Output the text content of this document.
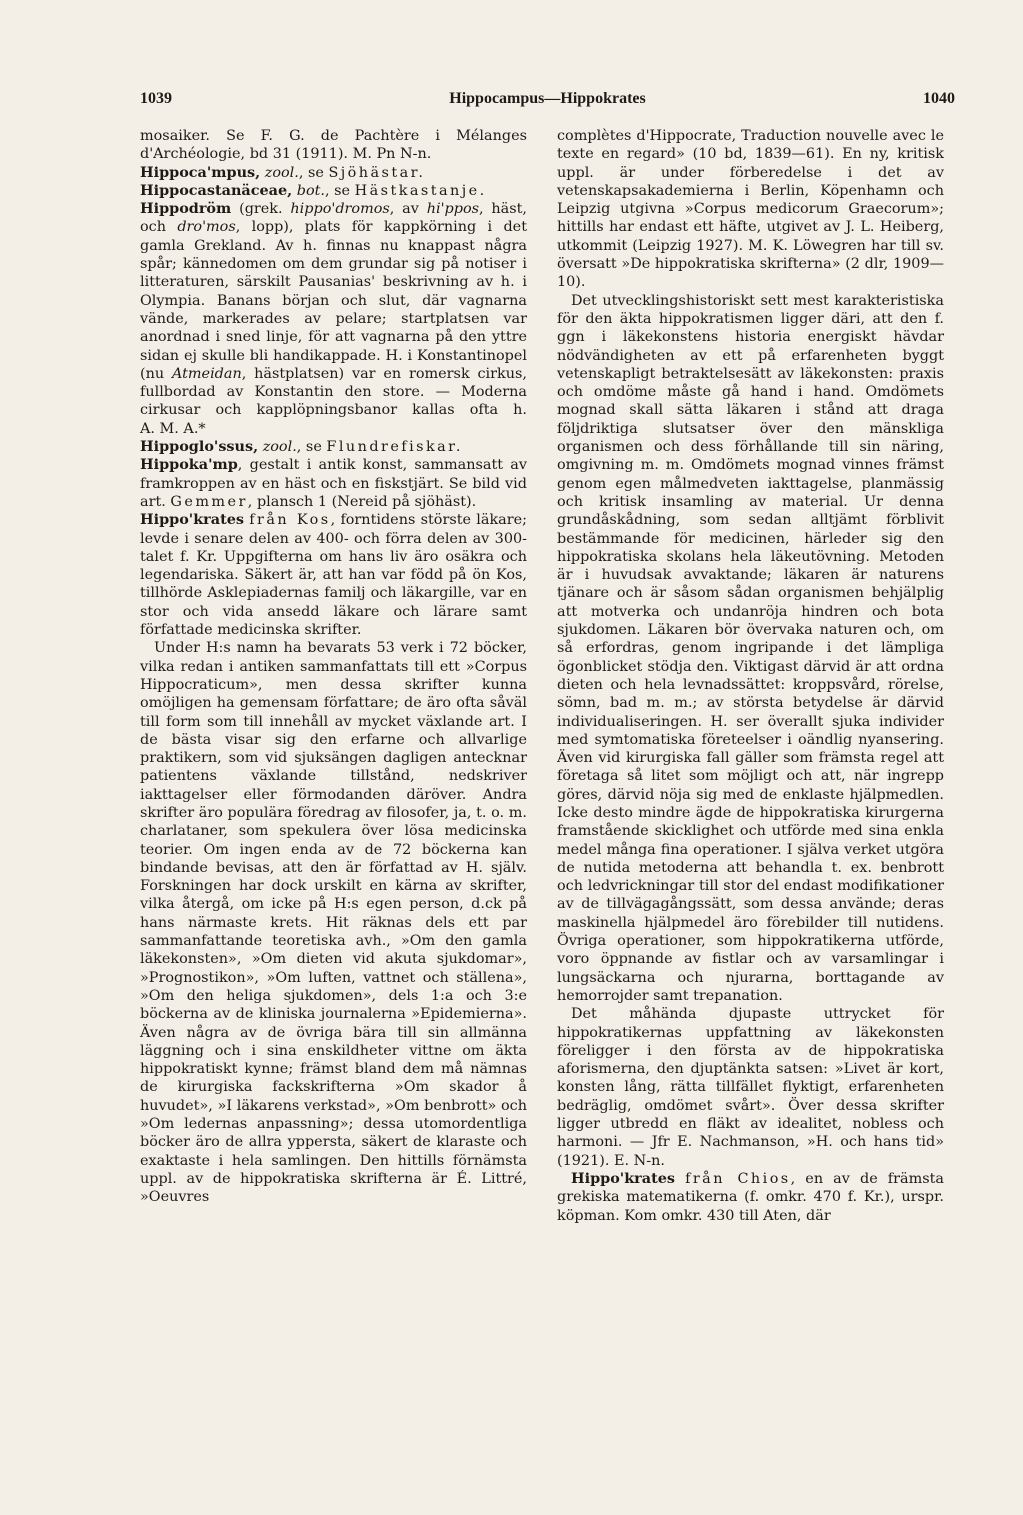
1039	Hippocampus—Hippokrates	1040

mosaiker. Se F. G. de Pachtère i Mélanges d'Archéologie, bd 31 (1911). M. Pn N-n.

Hippoca'mpus, zool., se Sjöhästar.

Hippocastanäceae, bot., se Hästkastanje.

Hippodröm (grek. hippo'dromos, av hi'ppos, häst, och dro'mos, lopp), plats för kappkörning i det gamla Grekland. Av h. finnas nu knappast några spår; kännedomen om dem grundar sig på notiser i litteraturen, särskilt Pausanias' beskrivning av h. i Olympia. Banans början och slut, där vagnarna vände, markerades av pelare; startplatsen var anordnad i sned linje, för att vagnarna på den yttre sidan ej skulle bli handikappade. H. i Konstantinopel (nu Atmeidan, hästplatsen) var en romersk cirkus, fullbordad av Konstantin den store. — Moderna cirkusar och kapplöpningsbanor kallas ofta h. A. M. A.*

Hippoglo'ssus, zool., se Flundrefiskar.

Hippoka'mp, gestalt i antik konst, sammansatt av framkroppen av en häst och en fiskstjärt. Se bild vid art. Gemmer, plansch 1 (Nereid på sjöhäst).

Hippo'krates från Kos, forntidens störste läkare; levde i senare delen av 400- och förra delen av 300-talet f. Kr. Uppgifterna om hans liv äro osäkra och legendariska. Säkert är, att han var född på ön Kos, tillhörde Asklepiadernas familj och läkargille, var en stor och vida ansedd läkare och lärare samt författade medicinska skrifter.

Under H:s namn ha bevarats 53 verk i 72 böcker, vilka redan i antiken sammanfattats till ett »Corpus Hippocraticum», men dessa skrifter kunna omöjligen ha gemensam författare; de äro ofta såväl till form som till innehåll av mycket växlande art. I de bästa visar sig den erfarne och allvarlige praktikern, som vid sjuksängen dagligen antecknar patientens växlande tillstånd, nedskriver iakttagelser eller förmodanden däröver. Andra skrifter äro populära föredrag av filosofer, ja, t. o. m. charlataner, som spekulera över lösa medicinska teorier. Om ingen enda av de 72 böckerna kan bindande bevisas, att den är författad av H. själv. Forskningen har dock urskilt en kärna av skrifter, vilka återgå, om icke på H:s egen person, d.ck på hans närmaste krets. Hit räknas dels ett par sammanfattande teoretiska avh., »Om den gamla läkekonsten», »Om dieten vid akuta sjukdomar», »Prognostikon», »Om luften, vattnet och ställena», »Om den heliga sjukdomen», dels 1:a och 3:e böckerna av de kliniska journalerna »Epidemierna». Även några av de övriga bära till sin allmänna läggning och i sina enskildheter vittne om äkta hippokratiskt kynne; främst bland dem må nämnas de kirurgiska fackskrifterna »Om skador å huvudet», »I läkarens verkstad», »Om benbrott» och »Om ledernas anpassning»; dessa utomordentliga böcker äro de allra yppersta, säkert de klaraste och exaktaste i hela samlingen. Den hittills förnämsta uppl. av de hippokratiska skrifterna är É. Littré, »Oeuvres

complètes d'Hippocrate, Traduction nouvelle avec le texte en regard» (10 bd, 1839—61). En ny, kritisk uppl. är under förberedelse i det av vetenskapsakademierna i Berlin, Köpenhamn och Leipzig utgivna »Corpus medicorum Graecorum»; hittills har endast ett häfte, utgivet av J. L. Heiberg, utkommit (Leipzig 1927). M. K. Löwegren har till sv. översatt »De hippokratiska skrifterna» (2 dlr, 1909—10).

Det utvecklingshistoriskt sett mest karakteristiska för den äkta hippokratismen ligger däri, att den f. ggn i läkekonstens historia energiskt hävdar nödvändigheten av ett på erfarenheten byggt vetenskapligt betraktelsesätt av läkekonsten: praxis och omdöme måste gå hand i hand. Omdömets mognad skall sätta läkaren i stånd att draga följdriktiga slutsatser över den mänskliga organismen och dess förhållande till sin näring, omgivning m. m. Omdömets mognad vinnes främst genom egen målmedveten iakttagelse, planmässig och kritisk insamling av material. Ur denna grundåskådning, som sedan alltjämt förblivit bestämmande för medicinen, härleder sig den hippokratiska skolans hela läkeutövning. Metoden är i huvudsak avvaktande; läkaren är naturens tjänare och är såsom sådan organismen behjälplig att motverka och undanröja hindren och bota sjukdomen. Läkaren bör övervaka naturen och, om så erfordras, genom ingripande i det lämpliga ögonblicket stödja den. Viktigast därvid är att ordna dieten och hela levnadssättet: kroppsvård, rörelse, sömn, bad m. m.; av största betydelse är därvid individualiseringen. H. ser överallt sjuka individer med symtomatiska företeelser i oändlig nyansering. Även vid kirurgiska fall gäller som främsta regel att företaga så litet som möjligt och att, när ingrepp göres, därvid nöja sig med de enklaste hjälpmedlen. Icke desto mindre ägde de hippokratiska kirurgerna framstående skicklighet och utförde med sina enkla medel många fina operationer. I själva verket utgöra de nutida metoderna att behandla t. ex. benbrott och ledvrickningar till stor del endast modifikationer av de tillvägagångssätt, som dessa använde; deras maskinella hjälpmedel äro förebilder till nutidens. Övriga operationer, som hippokratikerna utförde, voro öppnande av fistlar och av varsamlingar i lungsäckarna och njurarna, borttagande av hemorrojder samt trepanation.

Det måhända djupaste uttrycket för hippokratikernas uppfattning av läkekonsten föreligger i den första av de hippokratiska aforismerna, den djuptänkta satsen: »Livet är kort, konsten lång, rätta tillfället flyktigt, erfarenheten bedräglig, omdömet svårt». Över dessa skrifter ligger utbredd en fläkt av idealitet, nobless och harmoni. — Jfr E. Nachmanson, »H. och hans tid» (1921). E. N-n.

Hippo'krates från Chios, en av de främsta grekiska matematikerna (f. omkr. 470 f. Kr.), urspr. köpman. Kom omkr. 430 till Aten, där
